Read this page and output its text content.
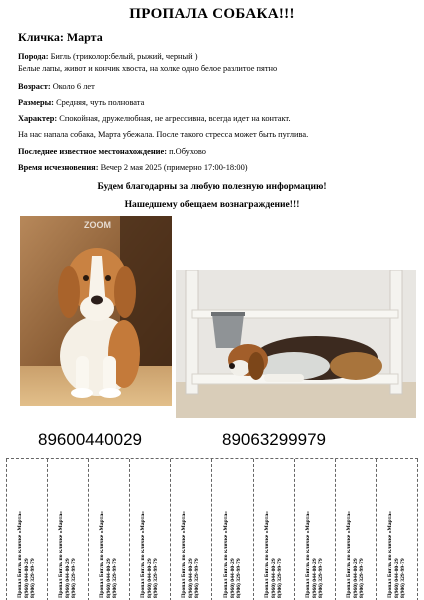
ПРОПАЛА СОБАКА!!!
Кличка: Марта
Порода: Бигль (триколор:белый, рыжий, черный )
Белые лапы, живот и кончик хвоста, на холке одно белое разлитое пятно
Возраст: Около 6 лет
Размеры: Средняя, чуть полновата
Характер: Спокойная, дружелюбная, не агрессивна, всегда идет на контакт.
На нас напала собака, Марта убежала. После такого стресса может быть пуглива.
Последнее известное местонахождение: п.Обухово
Время исчезновения: Вечер 2 мая 2025 (примерно 17:00-18:00)
Будем благодарны за любую полезную информацию!
Нашедшему обещаем вознаграждение!!!
ZOOM
89600440029	89063299979
Пропал Бигль по кличке «Марта» 8(960) 044-00-29 8(906) 329-99-79	Пропал Бигль по кличке «Марта» 8(960) 044-00-29 8(906) 329-99-79	Пропал Бигль по кличке «Марта» 8(960) 044-00-29 8(906) 329-99-79	Пропал Бигль по кличке «Марта» 8(960) 044-00-29 8(906) 329-99-79	Пропал Бигль по кличке «Марта» 8(960) 044-00-29 8(906) 329-99-79	Пропал Бигль по кличке «Марта» 8(960) 044-00-29 8(906) 329-99-79	Пропал Бигль по кличке «Марта» 8(960) 044-00-29 8(906) 329-99-79	Пропал Бигль по кличке «Марта» 8(960) 044-00-29 8(906) 329-99-79	Пропал Бигль по кличке «Марта» 8(960) 044-00-29 8(906) 329-99-79	Пропал Бигль по кличке «Марта» 8(960) 044-00-29 8(906) 329-99-79
